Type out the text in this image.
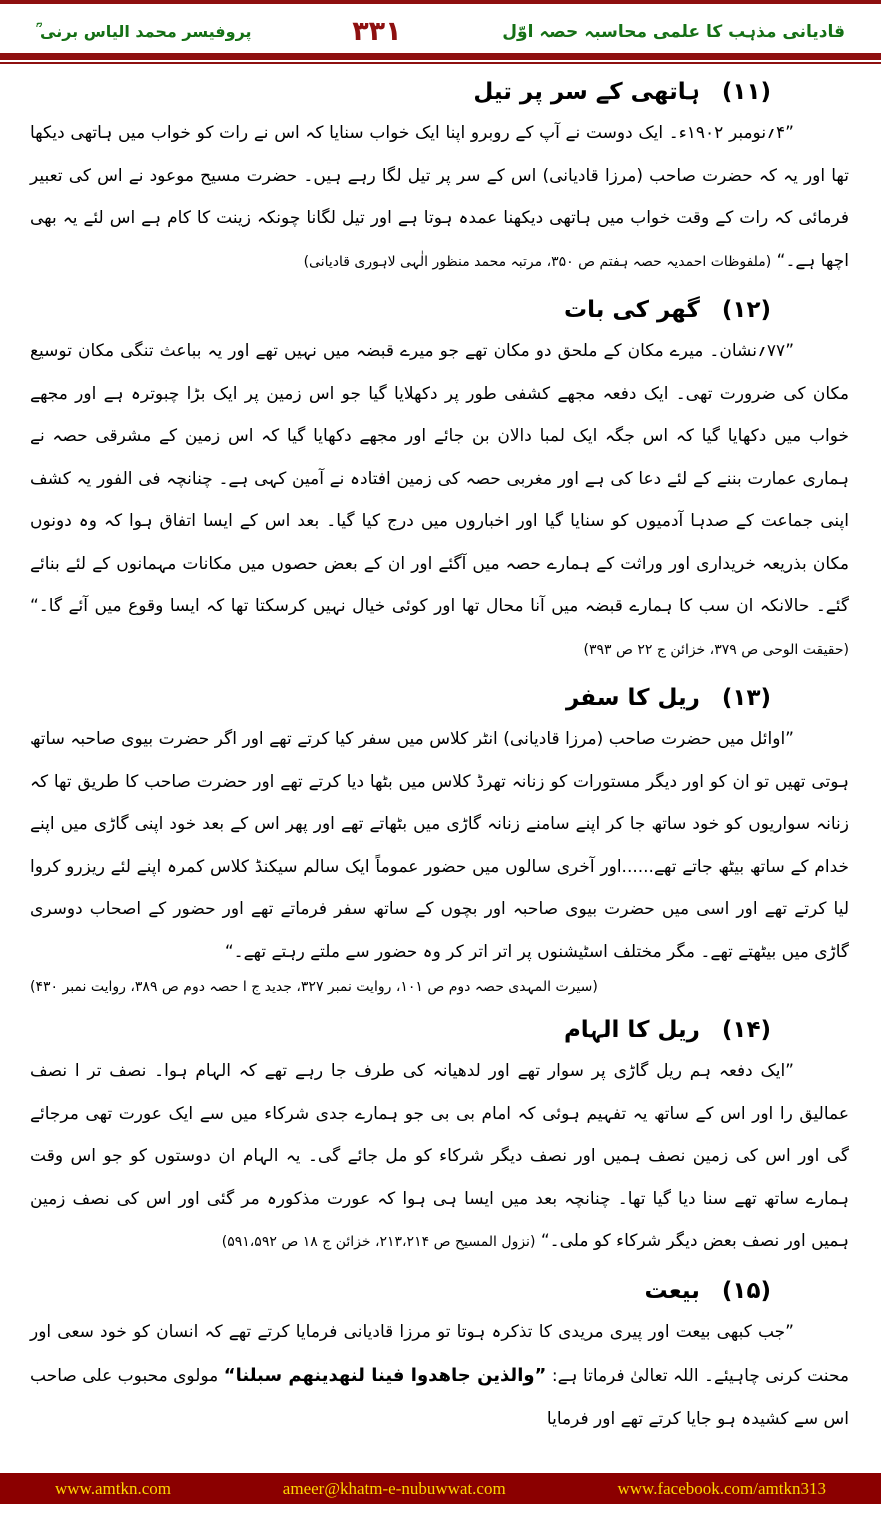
پروفیسر محمد الیاس برنی ؒ	۳۳۱	قادیانی مذہب کا علمی محاسبہ حصہ اوّل
(۱۱) ہاتھی کے سر پر تیل

”۴؍نومبر ۱۹۰۲ء۔ ایک دوست نے آپ کے روبرو اپنا ایک خواب سنایا کہ اس نے رات کو خواب میں ہاتھی دیکھا تھا اور یہ کہ حضرت صاحب (مرزا قادیانی) اس کے سر پر تیل لگا رہے ہیں۔ حضرت مسیح موعود نے اس کی تعبیر فرمائی کہ رات کے وقت خواب میں ہاتھی دیکھنا عمدہ ہوتا ہے اور تیل لگانا چونکہ زینت کا کام ہے اس لئے یہ بھی اچھا ہے۔“ (ملفوظات احمدیہ حصہ ہفتم ص ۳۵۰، مرتبہ محمد منظور الٰہی لاہوری قادیانی)

(۱۲) گھر کی بات

”۷۷؍نشان۔ میرے مکان کے ملحق دو مکان تھے جو میرے قبضہ میں نہیں تھے اور یہ بباعث تنگی مکان توسیع مکان کی ضرورت تھی۔ ایک دفعہ مجھے کشفی طور پر دکھلایا گیا جو اس زمین پر ایک بڑا چبوترہ ہے اور مجھے خواب میں دکھایا گیا کہ اس جگہ ایک لمبا دالان بن جائے اور مجھے دکھایا گیا کہ اس زمین کے مشرقی حصہ نے ہماری عمارت بننے کے لئے دعا کی ہے اور مغربی حصہ کی زمین افتادہ نے آمین کہی ہے۔ چنانچہ فی الفور یہ کشف اپنی جماعت کے صدہا آدمیوں کو سنایا گیا اور اخباروں میں درج کیا گیا۔ بعد اس کے ایسا اتفاق ہوا کہ وہ دونوں مکان بذریعہ خریداری اور وراثت کے ہمارے حصہ میں آگئے اور ان کے بعض حصوں میں مکانات مہمانوں کے لئے بنائے گئے۔ حالانکہ ان سب کا ہمارے قبضہ میں آنا محال تھا اور کوئی خیال نہیں کرسکتا تھا کہ ایسا وقوع میں آئے گا۔“ (حقیقت الوحی ص ۳۷۹، خزائن ج ۲۲ ص ۳۹۳)

(۱۳) ریل کا سفر

”اوائل میں حضرت صاحب (مرزا قادیانی) انٹر کلاس میں سفر کیا کرتے تھے اور اگر حضرت بیوی صاحبہ ساتھ ہوتی تھیں تو ان کو اور دیگر مستورات کو زنانہ تھرڈ کلاس میں بٹھا دیا کرتے تھے اور حضرت صاحب کا طریق تھا کہ زنانہ سواریوں کو خود ساتھ جا کر اپنے سامنے زنانہ گاڑی میں بٹھاتے تھے اور پھر اس کے بعد خود اپنی گاڑی میں اپنے خدام کے ساتھ بیٹھ جاتے تھے......اور آخری سالوں میں حضور عموماً ایک سالم سیکنڈ کلاس کمرہ اپنے لئے ریزرو کروا لیا کرتے تھے اور اسی میں حضرت بیوی صاحبہ اور بچوں کے ساتھ سفر فرماتے تھے اور حضور کے اصحاب دوسری گاڑی میں بیٹھتے تھے۔ مگر مختلف اسٹیشنوں پر اتر اتر کر وہ حضور سے ملتے رہتے تھے۔“

(سیرت المہدی حصہ دوم ص ۱۰۱، روایت نمبر ۳۲۷، جدید ج ا حصہ دوم ص ۳۸۹، روایت نمبر ۴۳۰)

(۱۴) ریل کا الہام

”ایک دفعہ ہم ریل گاڑی پر سوار تھے اور لدھیانہ کی طرف جا رہے تھے کہ الہام ہوا۔ نصف تر ا نصف عمالیق را اور اس کے ساتھ یہ تفہیم ہوئی کہ امام بی بی جو ہمارے جدی شرکاء میں سے ایک عورت تھی مرجائے گی اور اس کی زمین نصف ہمیں اور نصف دیگر شرکاء کو مل جائے گی۔ یہ الہام ان دوستوں کو جو اس وقت ہمارے ساتھ تھے سنا دیا گیا تھا۔ چنانچہ بعد میں ایسا ہی ہوا کہ عورت مذکورہ مر گئی اور اس کی نصف زمین ہمیں اور نصف بعض دیگر شرکاء کو ملی۔“ (نزول المسیح ص ۲۱۳،۲۱۴، خزائن ج ۱۸ ص ۵۹۱،۵۹۲)

(۱۵) بیعت

”جب کبھی بیعت اور پیری مریدی کا تذکرہ ہوتا تو مرزا قادیانی فرمایا کرتے تھے کہ انسان کو خود سعی اور محنت کرنی چاہیئے۔ اللہ تعالیٰ فرماتا ہے: ”والذین جاھدوا فینا لنھدینھم سبلنا“ مولوی محبوب علی صاحب اس سے کشیدہ ہو جایا کرتے تھے اور فرمایا

www.amtkn.com	ameer@khatm-e-nubuwwat.com	www.facebook.com/amtkn313
